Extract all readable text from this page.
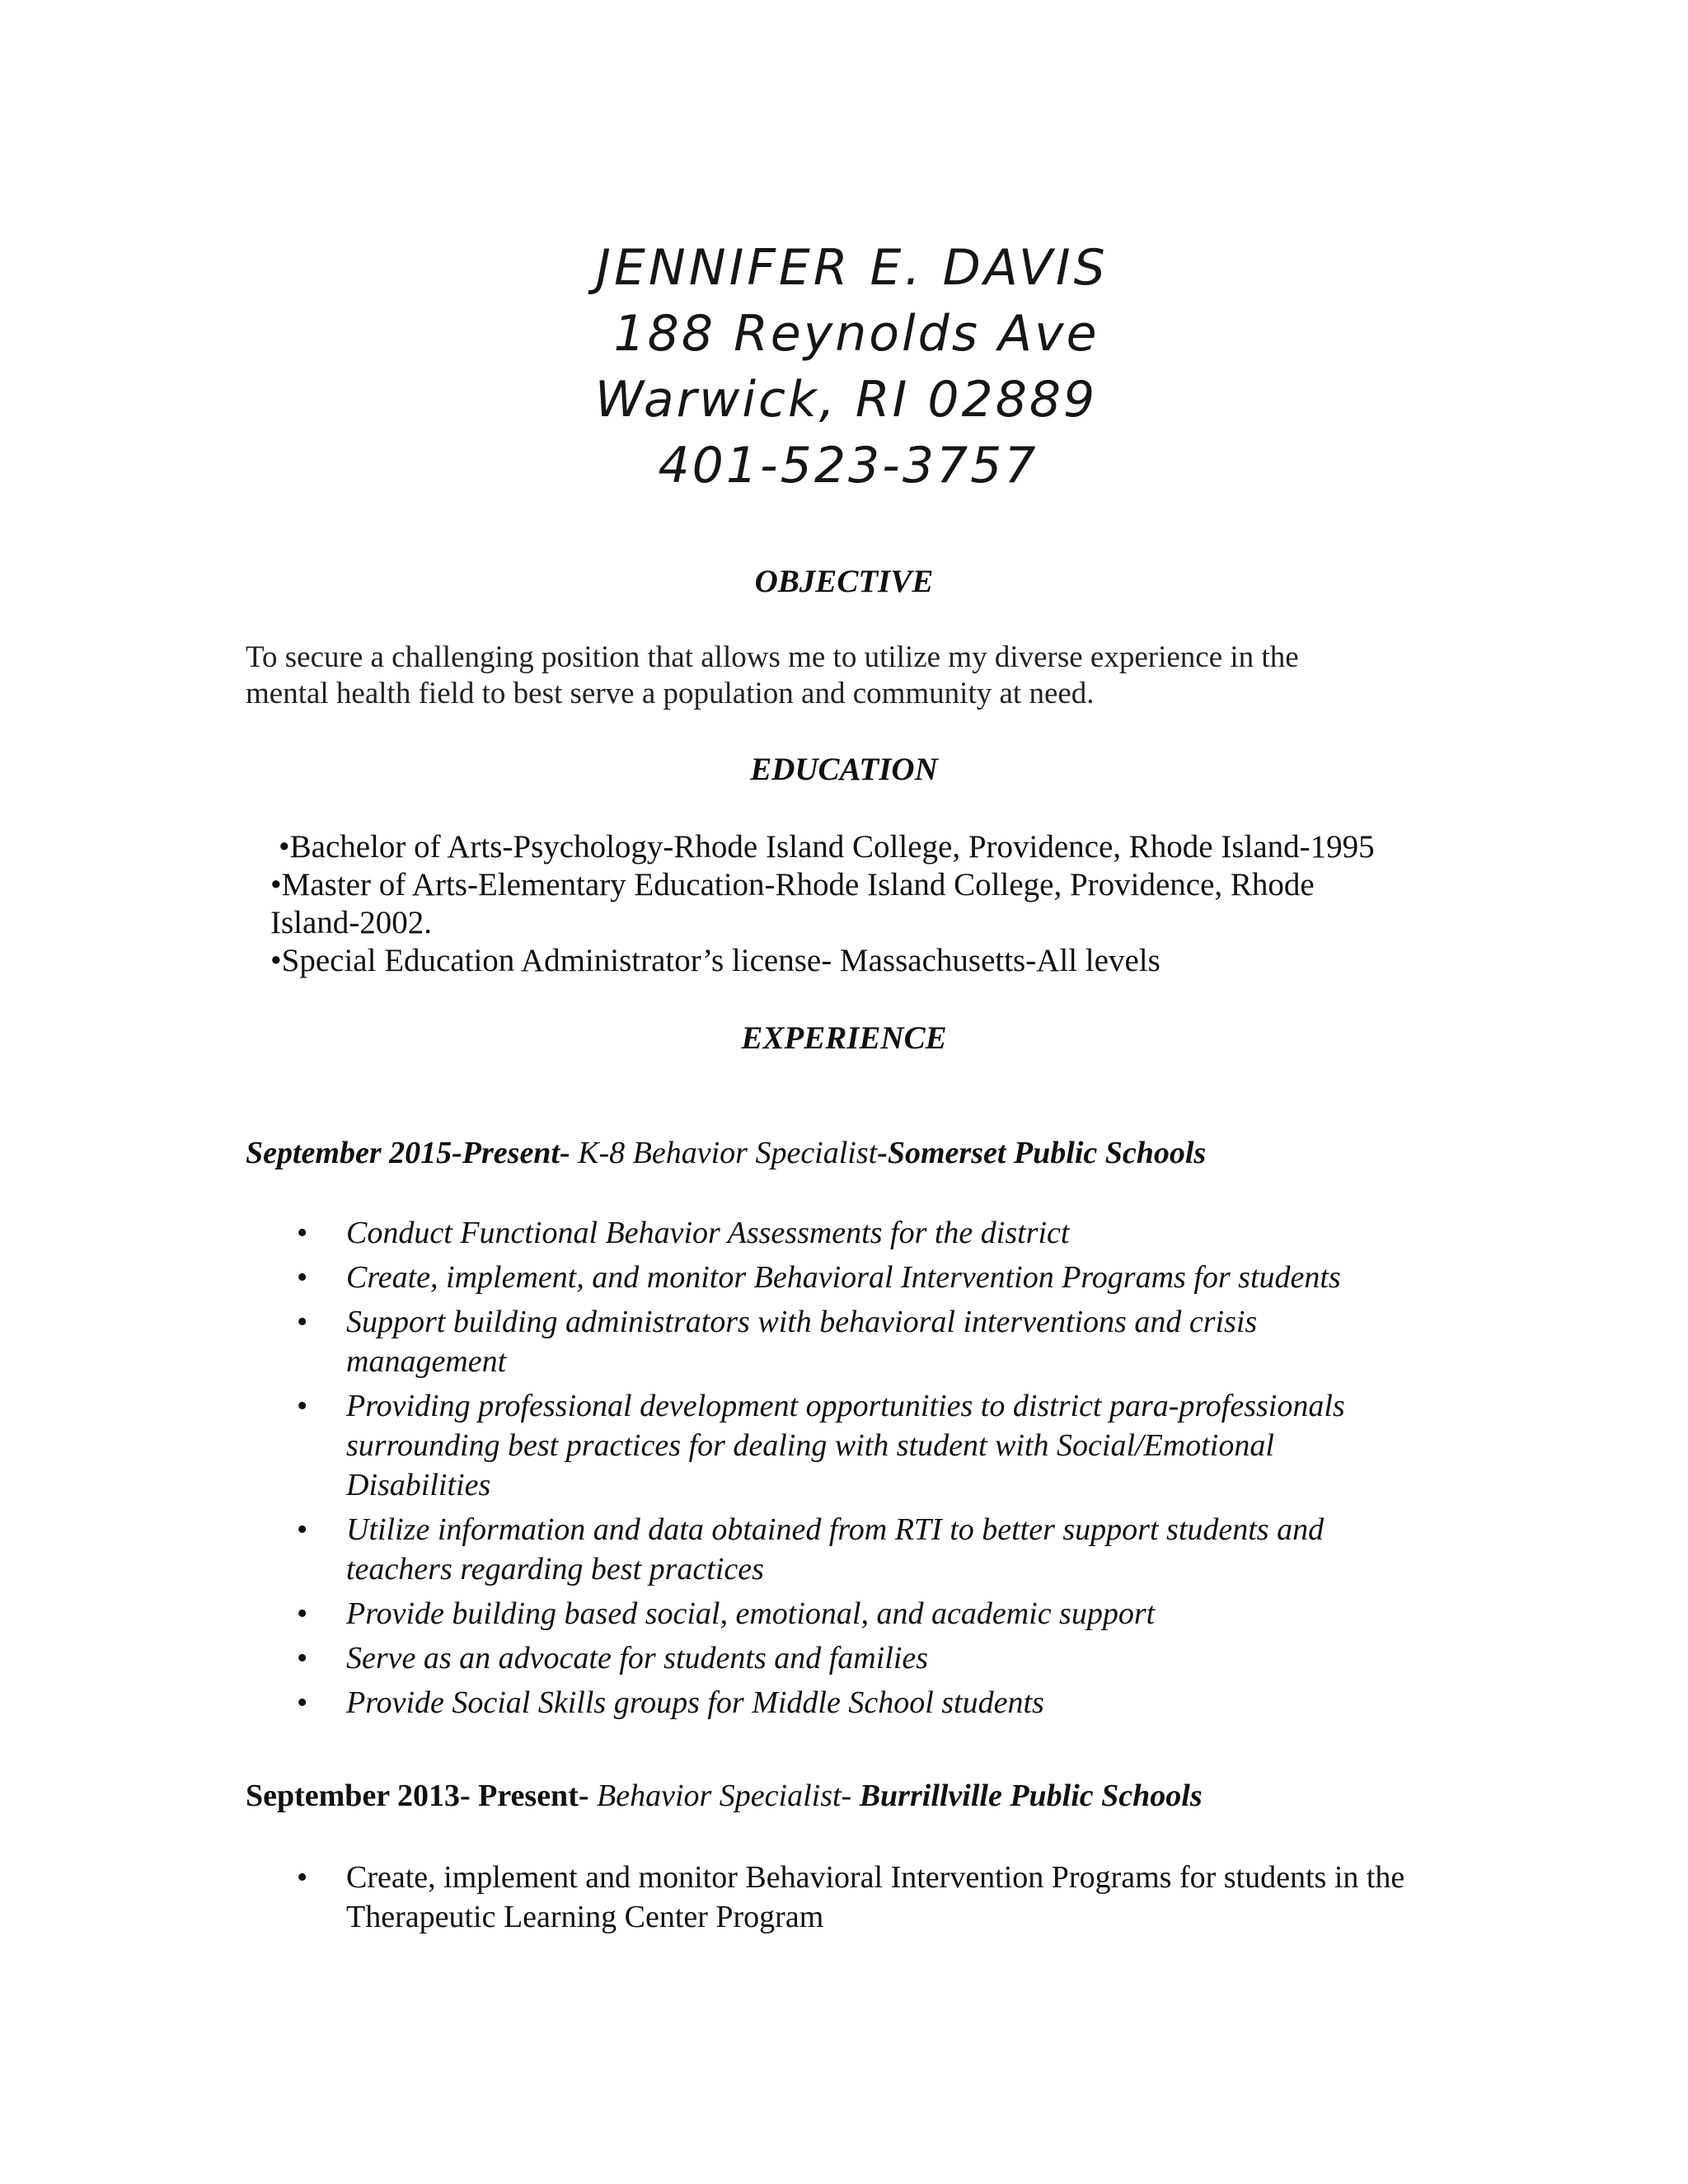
JENNIFER E. DAVIS
188 Reynolds Ave
Warwick, RI 02889
401-523-3757
OBJECTIVE
To secure a challenging position that allows me to utilize my diverse experience in the
mental health field to best serve a population and community at need.
EDUCATION
•Bachelor of Arts-Psychology-Rhode Island College, Providence, Rhode Island-1995
•Master of Arts-Elementary Education-Rhode Island College, Providence, Rhode
Island-2002.
•Special Education Administrator’s license- Massachusetts-All levels
EXPERIENCE
September 2015-Present- K-8 Behavior Specialist-Somerset Public Schools
• Conduct Functional Behavior Assessments for the district
• Create, implement, and monitor Behavioral Intervention Programs for students
• Support building administrators with behavioral interventions and crisis management
• Providing professional development opportunities to district para-professionals surrounding best practices for dealing with student with Social/Emotional Disabilities
• Utilize information and data obtained from RTI to better support students and teachers regarding best practices
• Provide building based social, emotional, and academic support
• Serve as an advocate for students and families
• Provide Social Skills groups for Middle School students
September 2013- Present- Behavior Specialist- Burrillville Public Schools
• Create, implement and monitor Behavioral Intervention Programs for students in the Therapeutic Learning Center Program
